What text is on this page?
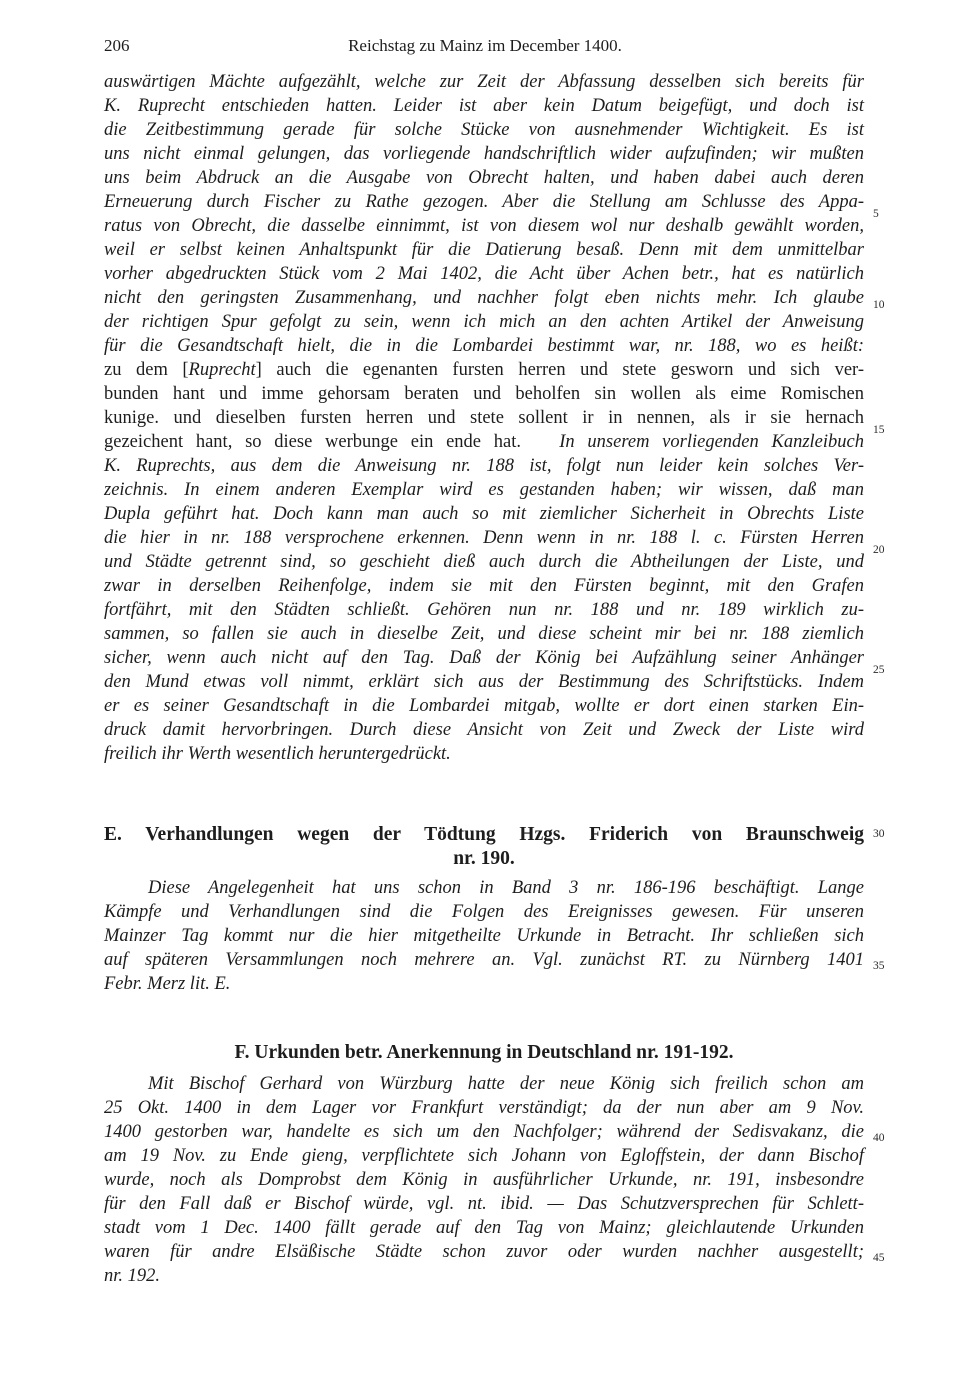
206	Reichstag zu Mainz im December 1400.
auswärtigen Mächte aufgezählt, welche zur Zeit der Abfassung desselben sich bereits für
K. Ruprecht entschieden hatten. Leider ist aber kein Datum beigefügt, und doch ist
die Zeitbestimmung gerade für solche Stücke von ausnehmender Wichtigkeit. Es ist
uns nicht einmal gelungen, das vorliegende handschriftlich wider aufzufinden; wir mußten
uns beim Abdruck an die Ausgabe von Obrecht halten, und haben dabei auch deren
Erneuerung durch Fischer zu Rathe gezogen. Aber die Stellung am Schlusse des Appa-
ratus von Obrecht, die dasselbe einnimmt, ist von diesem wol nur deshalb gewählt worden,
weil er selbst keinen Anhaltspunkt für die Datierung besaß. Denn mit dem unmittelbar
vorher abgedruckten Stück vom 2 Mai 1402, die Acht über Achen betr., hat es natürlich
nicht den geringsten Zusammenhang, und nachher folgt eben nichts mehr. Ich glaube
der richtigen Spur gefolgt zu sein, wenn ich mich an den achten Artikel der Anweisung
für die Gesandtschaft hielt, die in die Lombardei bestimmt war, nr. 188, wo es heißt:
zu dem [Ruprecht] auch die egenanten fursten herren und stete gesworn und sich ver-
bunden hant und imme gehorsam beraten und beholfen sin wollen als eime Romischen
kunige. und dieselben fursten herren und stete sollent ir in nennen, als ir sie hernach
gezeichent hant, so diese werbunge ein ende hat. In unserem vorliegenden Kanzleibuch
K. Ruprechts, aus dem die Anweisung nr. 188 ist, folgt nun leider kein solches Ver-
zeichnis. In einem anderen Exemplar wird es gestanden haben; wir wissen, daß man
Dupla geführt hat. Doch kann man auch so mit ziemlicher Sicherheit in Obrechts Liste
die hier in nr. 188 versprochene erkennen. Denn wenn in nr. 188 l. c. Fürsten Herren
und Städte getrennt sind, so geschieht dieß auch durch die Abtheilungen der Liste, und
zwar in derselben Reihenfolge, indem sie mit den Fürsten beginnt, mit den Grafen
fortfährt, mit den Städten schließt. Gehören nun nr. 188 und nr. 189 wirklich zu-
sammen, so fallen sie auch in dieselbe Zeit, und diese scheint mir bei nr. 188 ziemlich
sicher, wenn auch nicht auf den Tag. Daß der König bei Aufzählung seiner Anhänger
den Mund etwas voll nimmt, erklärt sich aus der Bestimmung des Schriftstücks. Indem
er es seiner Gesandtschaft in die Lombardei mitgab, wollte er dort einen starken Ein-
druck damit hervorbringen. Durch diese Ansicht von Zeit und Zweck der Liste wird
freilich ihr Werth wesentlich heruntergedrückt.
E. Verhandlungen wegen der Tödtung Hzgs. Friderich von Braunschweig
nr. 190.
Diese Angelegenheit hat uns schon in Band 3 nr. 186-196 beschäftigt. Lange
Kämpfe und Verhandlungen sind die Folgen des Ereignisses gewesen. Für unseren
Mainzer Tag kommt nur die hier mitgetheilte Urkunde in Betracht. Ihr schließen sich
auf späteren Versammlungen noch mehrere an. Vgl. zunächst RT. zu Nürnberg 1401
Febr. Merz lit. E.
F. Urkunden betr. Anerkennung in Deutschland nr. 191-192.
Mit Bischof Gerhard von Würzburg hatte der neue König sich freilich schon am
25 Okt. 1400 in dem Lager vor Frankfurt verständigt; da der nun aber am 9 Nov.
1400 gestorben war, handelte es sich um den Nachfolger; während der Sedisvakanz, die
am 19 Nov. zu Ende gieng, verpflichtete sich Johann von Egloffstein, der dann Bischof
wurde, noch als Domprobst dem König in ausführlicher Urkunde, nr. 191, insbesondre
für den Fall daß er Bischof würde, vgl. nt. ibid. — Das Schutzversprechen für Schlett-
stadt vom 1 Dec. 1400 fällt gerade auf den Tag von Mainz; gleichlautende Urkunden
waren für andre Elsäßische Städte schon zuvor oder wurden nachher ausgestellt;
nr. 192.
5
10
15
20
25
30
35
40
45
